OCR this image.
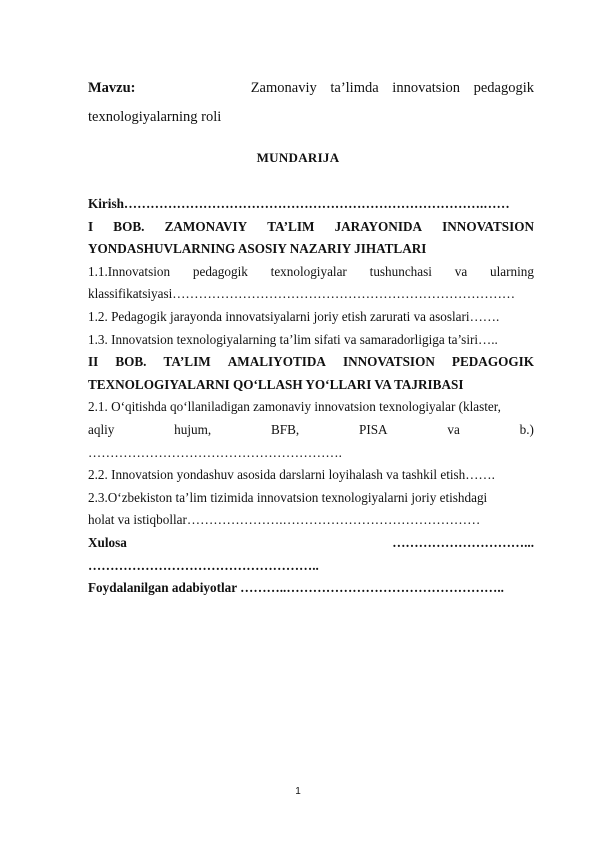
Mavzu:	Zamonaviy ta’limda innovatsion pedagogik
texnologiyalarning roli
MUNDARIJA
Kirish……………………………………………………………………….……
I BOB. ZAMONAVIY TA’LIM JARAYONIDA INNOVATSION
YONDASHUVLARNING ASOSIY NAZARIY JIHATLARI
1.1.Innovatsion pedagogik texnologiyalar tushunchasi va ularning
klassifikatsiyasi……………………………………………………………………
1.2. Pedagogik jarayonda innovatsiyalarni joriy etish zarurati va asoslari…….
1.3. Innovatsion texnologiyalarning ta’lim sifati va samaradorligiga ta’siri…..
II BOB. TA’LIM AMALIYOTIDA INNOVATSION PEDAGOGIK
TEXNOLOGIYALARNI QO‘LLASH YO‘LLARI VA TAJRIBASI
2.1. O‘qitishda qo‘llaniladigan zamonaviy innovatsion texnologiyalar (klaster,
aqliy	hujum,	BFB,	PISA	va	b.)
………………………………………………….
2.2. Innovatsion yondashuv asosida darslarni loyihalash va tashkil etish…….
2.3.O‘zbekiston ta’lim tizimida innovatsion texnologiyalarni joriy etishdagi
holat va istiqbollar………………….………………………………………
Xulosa	…………………………...
……………………………………………..
Foydalanilgan adabiyotlar ………..…………………………………………..
1
